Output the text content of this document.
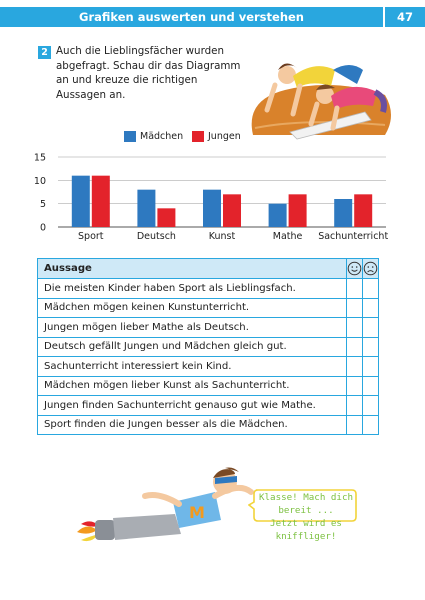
Grafiken auswerten und verstehen	47
2 Auch die Lieblingsfächer wurden abgefragt. Schau dir das Diagramm an und kreuze die richtigen Aussagen an.
Mädchen	Jungen
0
5
10
15
Sport	Deutsch	Kunst	Mathe Sachunterricht
Aussage	

Die meisten Kinder haben Sport als Lieblingsfach.		
Mädchen mögen keinen Kunstunterricht.		
Jungen mögen lieber Mathe als Deutsch.		
Deutsch gefällt Jungen und Mädchen gleich gut.		
Sachunterricht interessiert kein Kind.		
Mädchen mögen lieber Kunst als Sachunterricht.		
Jungen finden Sachunterricht genauso gut wie Mathe.		
Sport finden die Jungen besser als die Mädchen.		
M
Klasse! Mach dich bereit ...
Jetzt wird es kniffliger!
